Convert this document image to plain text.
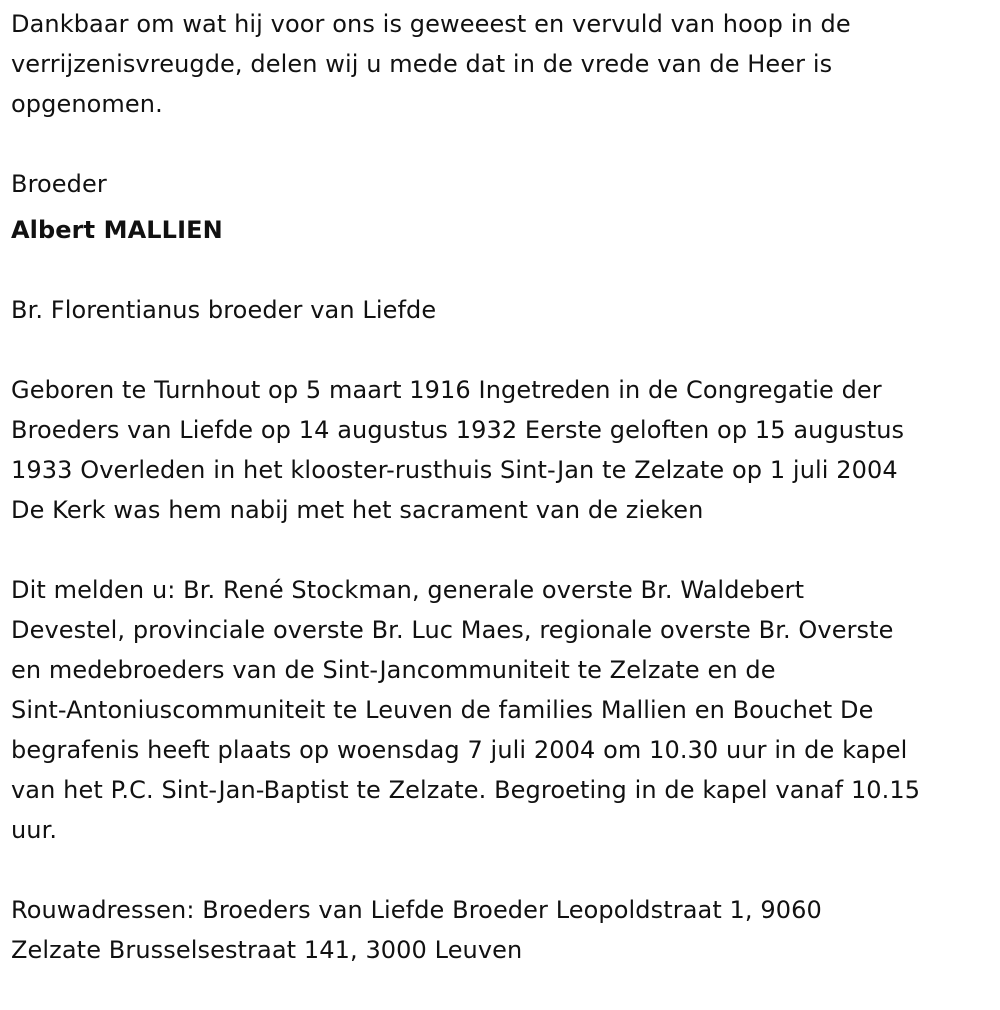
Dankbaar om wat hij voor ons is geweeest en vervuld van hoop in de
verrijzenisvreugde, delen wij u mede dat in de vrede van de Heer is
opgenomen.

Broeder

Albert MALLIEN

Br. Florentianus broeder van Liefde

Geboren te Turnhout op 5 maart 1916 Ingetreden in de Congregatie der
Broeders van Liefde op 14 augustus 1932 Eerste geloften op 15 augustus
1933 Overleden in het klooster-rusthuis Sint-Jan te Zelzate op 1 juli 2004
De Kerk was hem nabij met het sacrament van de zieken

Dit melden u: Br. René Stockman, generale overste Br. Waldebert
Devestel, provinciale overste Br. Luc Maes, regionale overste Br. Overste
en medebroeders van de Sint-Jancommuniteit te Zelzate en de
Sint-Antoniuscommuniteit te Leuven de families Mallien en Bouchet De
begrafenis heeft plaats op woensdag 7 juli 2004 om 10.30 uur in de kapel
van het P.C. Sint-Jan-Baptist te Zelzate. Begroeting in de kapel vanaf 10.15
uur.

Rouwadressen: Broeders van Liefde Broeder Leopoldstraat 1, 9060
Zelzate Brusselsestraat 141, 3000 Leuven
